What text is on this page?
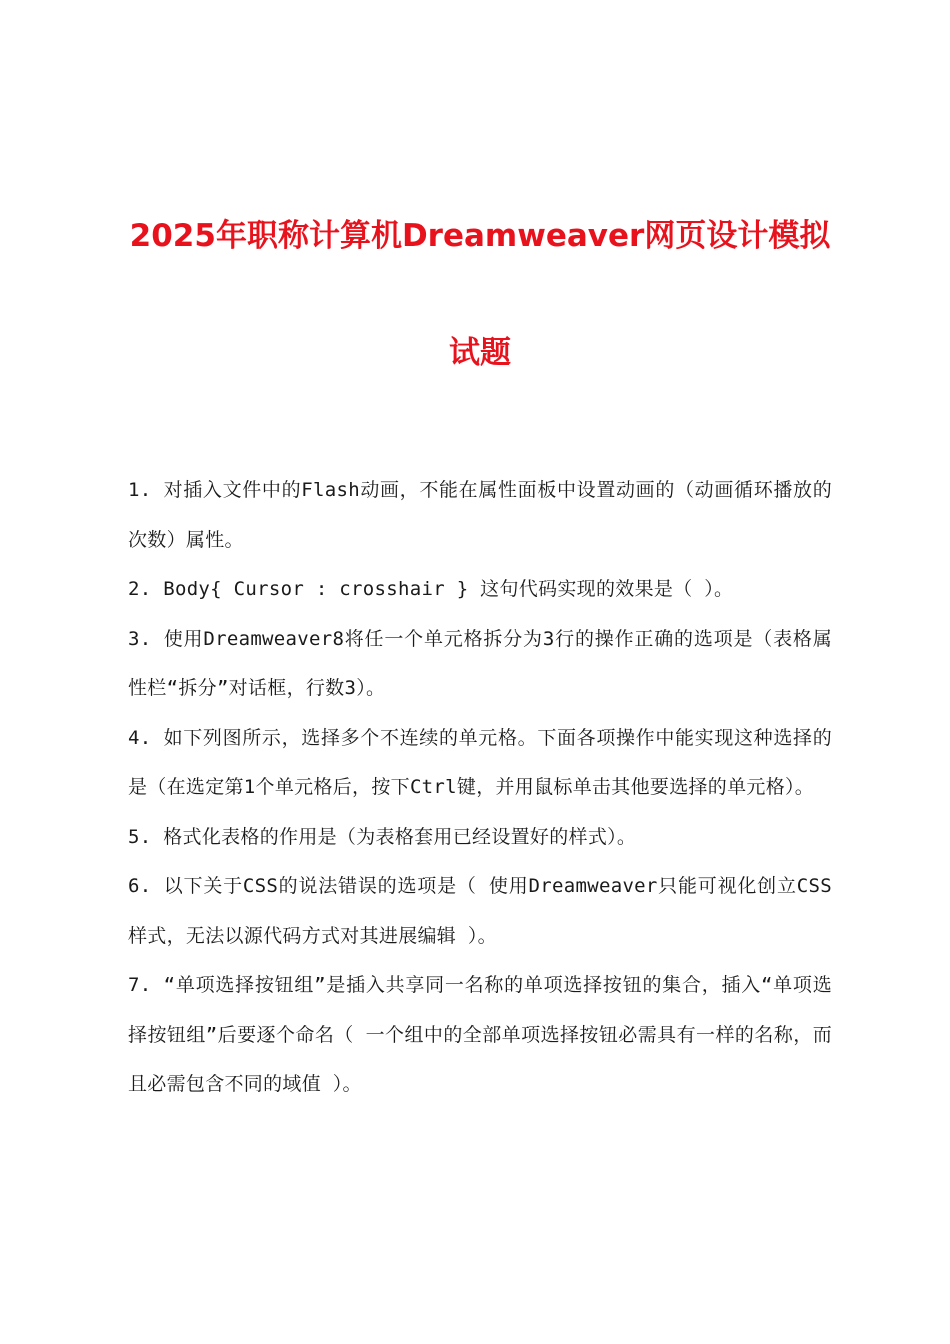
2025年职称计算机Dreamweaver网页设计模拟
试题

1. 对插入文件中的Flash动画，不能在属性面板中设置动画的（动画循环播放的次数）属性。

2. Body{ Cursor : crosshair } 这句代码实现的效果是（ ）。

3. 使用Dreamweaver8将任一个单元格拆分为3行的操作正确的选项是（表格属性栏“拆分”对话框，行数3）。

4. 如下列图所示，选择多个不连续的单元格。下面各项操作中能实现这种选择的是（在选定第1个单元格后，按下Ctrl键，并用鼠标单击其他要选择的单元格）。

5. 格式化表格的作用是（为表格套用已经设置好的样式）。

6. 以下关于CSS的说法错误的选项是（ 使用Dreamweaver只能可视化创立CSS样式，无法以源代码方式对其进展编辑 ）。

7. “单项选择按钮组”是插入共享同一名称的单项选择按钮的集合，插入“单项选择按钮组”后要逐个命名（ 一个组中的全部单项选择按钮必需具有一样的名称，而且必需包含不同的域值 ）。
